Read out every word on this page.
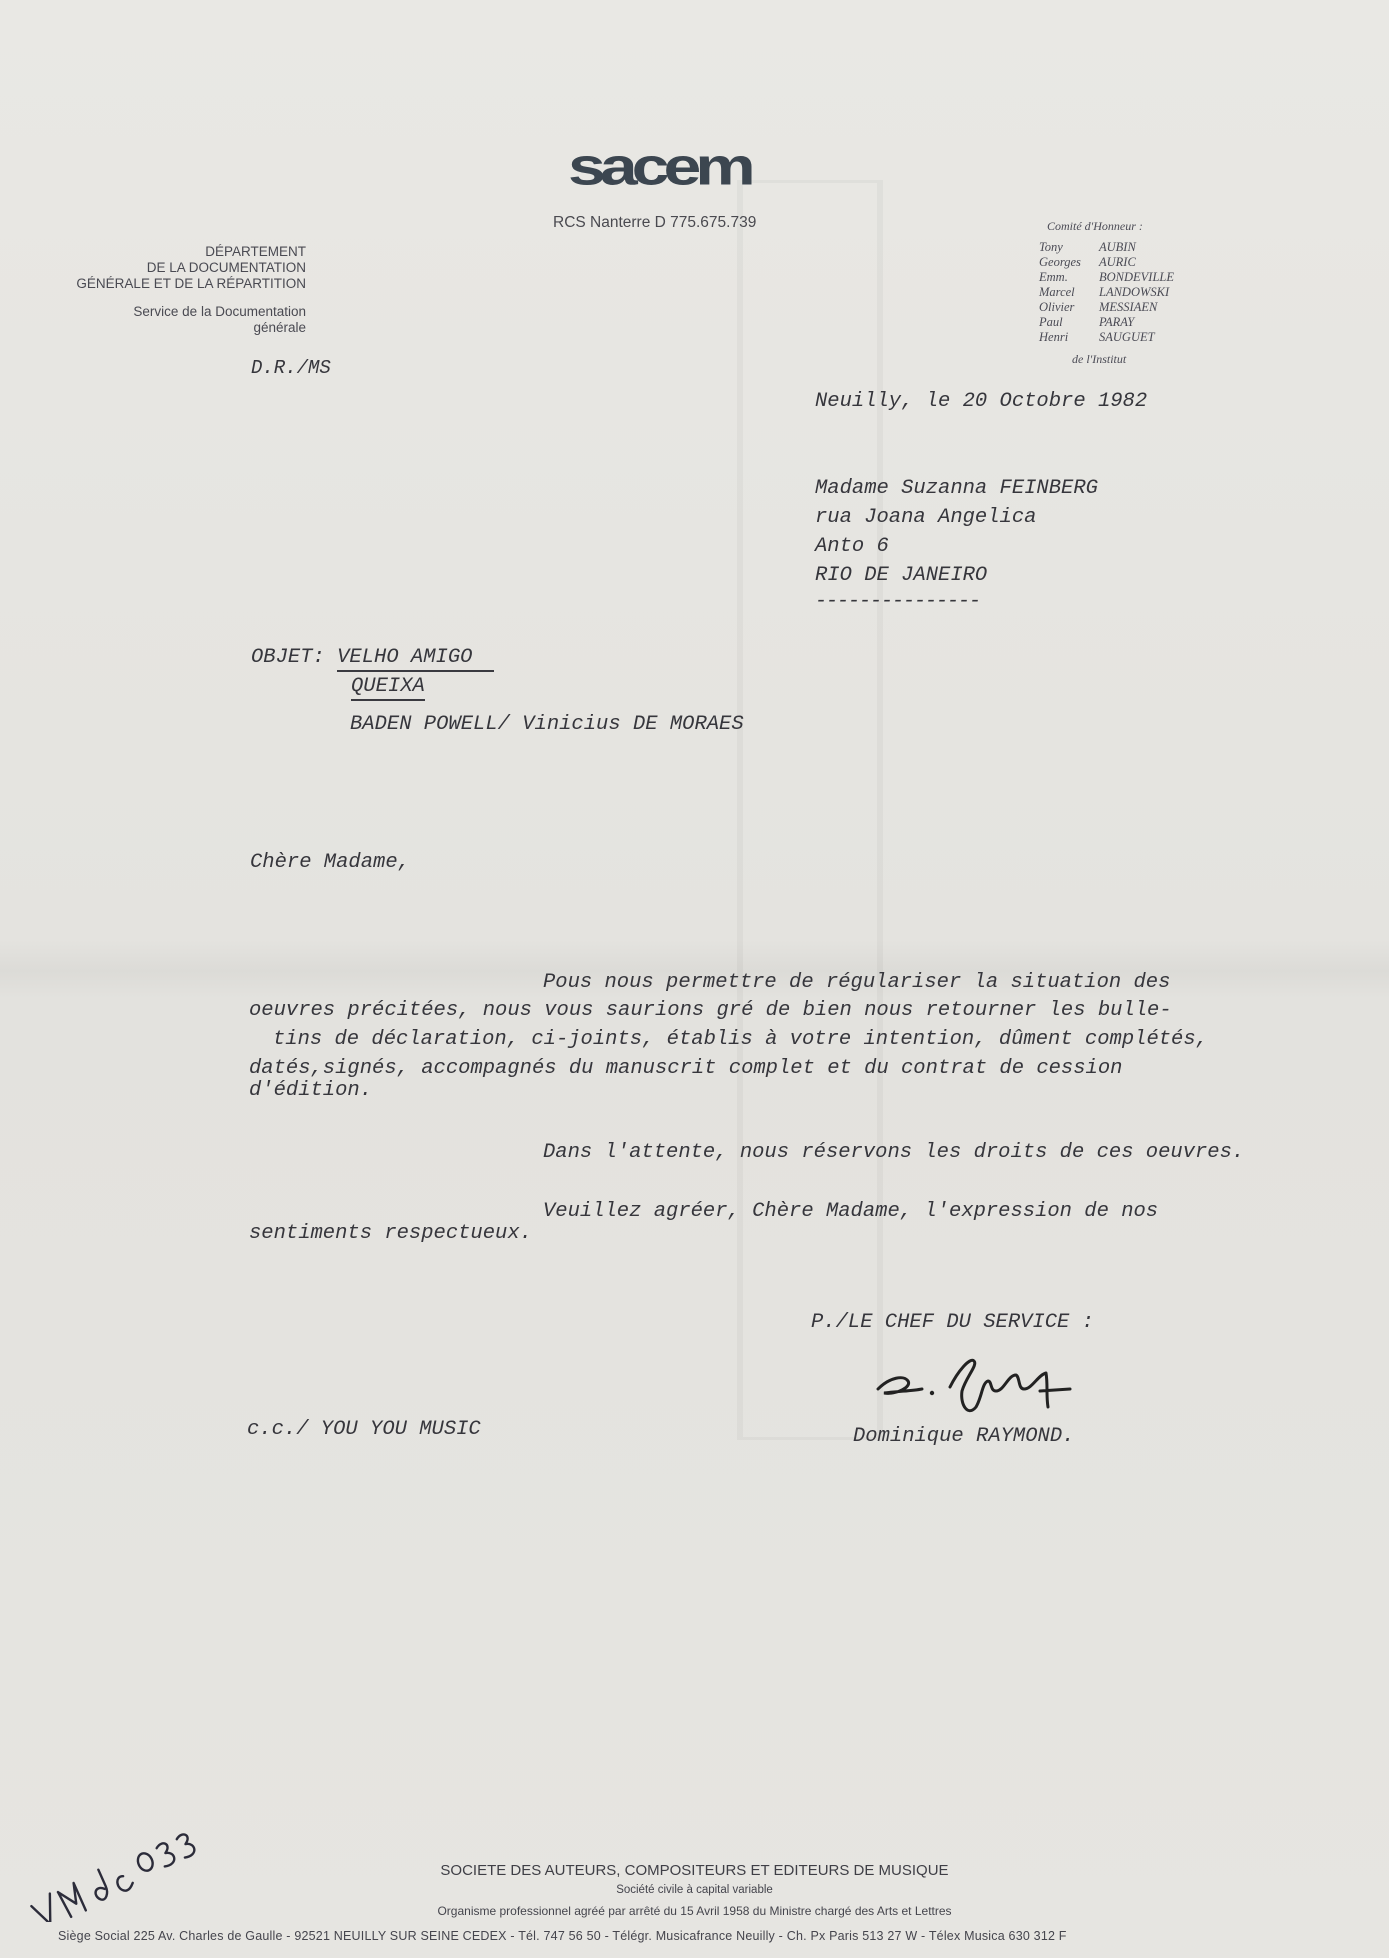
sacem
RCS Nanterre D 775.675.739
DÉPARTEMENT
DE LA DOCUMENTATION
GÉNÉRALE ET DE LA RÉPARTITION
Service de la Documentation
générale
Comité d'Honneur :
Tony	AUBIN
Georges	AURIC
Emm.	BONDEVILLE
Marcel	LANDOWSKI
Olivier	MESSIAEN
Paul	PARAY
Henri	SAUGUET
de l'Institut
D.R./MS
Neuilly, le 20 Octobre 1982
Madame Suzanna FEINBERG
rua Joana Angelica
Anto 6
RIO DE JANEIRO
---------------
OBJET: VELHO AMIGO
QUEIXA
BADEN POWELL/ Vinicius DE MORAES
Chère Madame,
Pous nous permettre de régulariser la situation des
oeuvres précitées, nous vous saurions gré de bien nous retourner les bulle-
tins de déclaration, ci-joints, établis à votre intention, dûment complétés,
datés,signés, accompagnés du manuscrit complet et du contrat de cession
d'édition.
Dans l'attente, nous réservons les droits de ces oeuvres.
Veuillez agréer, Chère Madame, l'expression de nos
sentiments respectueux.
P./LE CHEF DU SERVICE :
Dominique RAYMOND.
c.c./ YOU YOU MUSIC
SOCIETE DES AUTEURS, COMPOSITEURS ET EDITEURS DE MUSIQUE
Société civile à capital variable
Organisme professionnel agréé par arrêté du 15 Avril 1958 du Ministre chargé des Arts et Lettres
Siège Social 225 Av. Charles de Gaulle - 92521 NEUILLY SUR SEINE CEDEX - Tél. 747 56 50 - Télégr. Musicafrance Neuilly - Ch. Px Paris 513 27 W - Télex Musica 630 312 F
